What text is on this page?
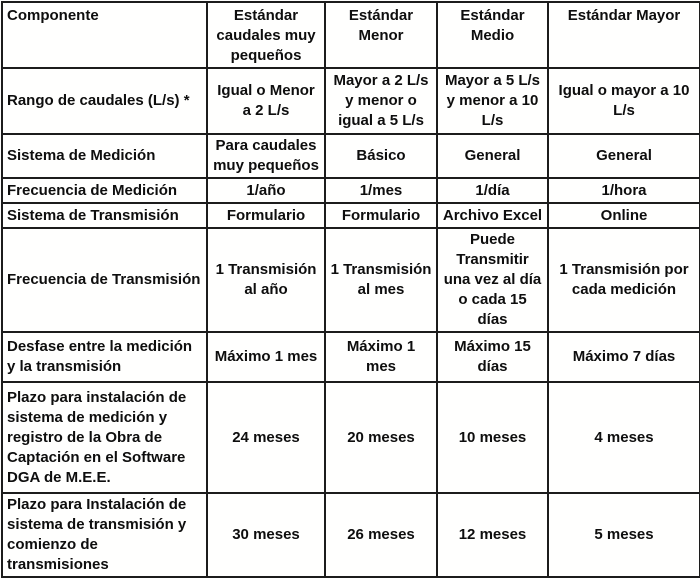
Componente	Estándar caudales muy pequeños	Estándar Menor	Estándar Medio	Estándar Mayor
Rango de caudales (L/s) *	Igual o Menor a 2 L/s	Mayor a 2 L/s y menor o igual a 5 L/s	Mayor a 5 L/s y menor a 10 L/s	Igual o mayor a 10 L/s
Sistema de Medición	Para caudales muy pequeños	Básico	General	General
Frecuencia de Medición	1/año	1/mes	1/día	1/hora
Sistema de Transmisión	Formulario	Formulario	Archivo Excel	Online
Frecuencia de Transmisión	1 Transmisión al año	1 Transmisión al mes	Puede Transmitir una vez al día o cada 15 días	1 Transmisión por cada medición
Desfase entre la medición y la transmisión	Máximo 1 mes	Máximo 1 mes	Máximo 15 días	Máximo 7 días
Plazo para instalación de sistema de medición y registro de la Obra de Captación en el Software DGA de M.E.E.	24 meses	20 meses	10 meses	4 meses
Plazo para Instalación de sistema de transmisión y comienzo de transmisiones	30 meses	26 meses	12 meses	5 meses
